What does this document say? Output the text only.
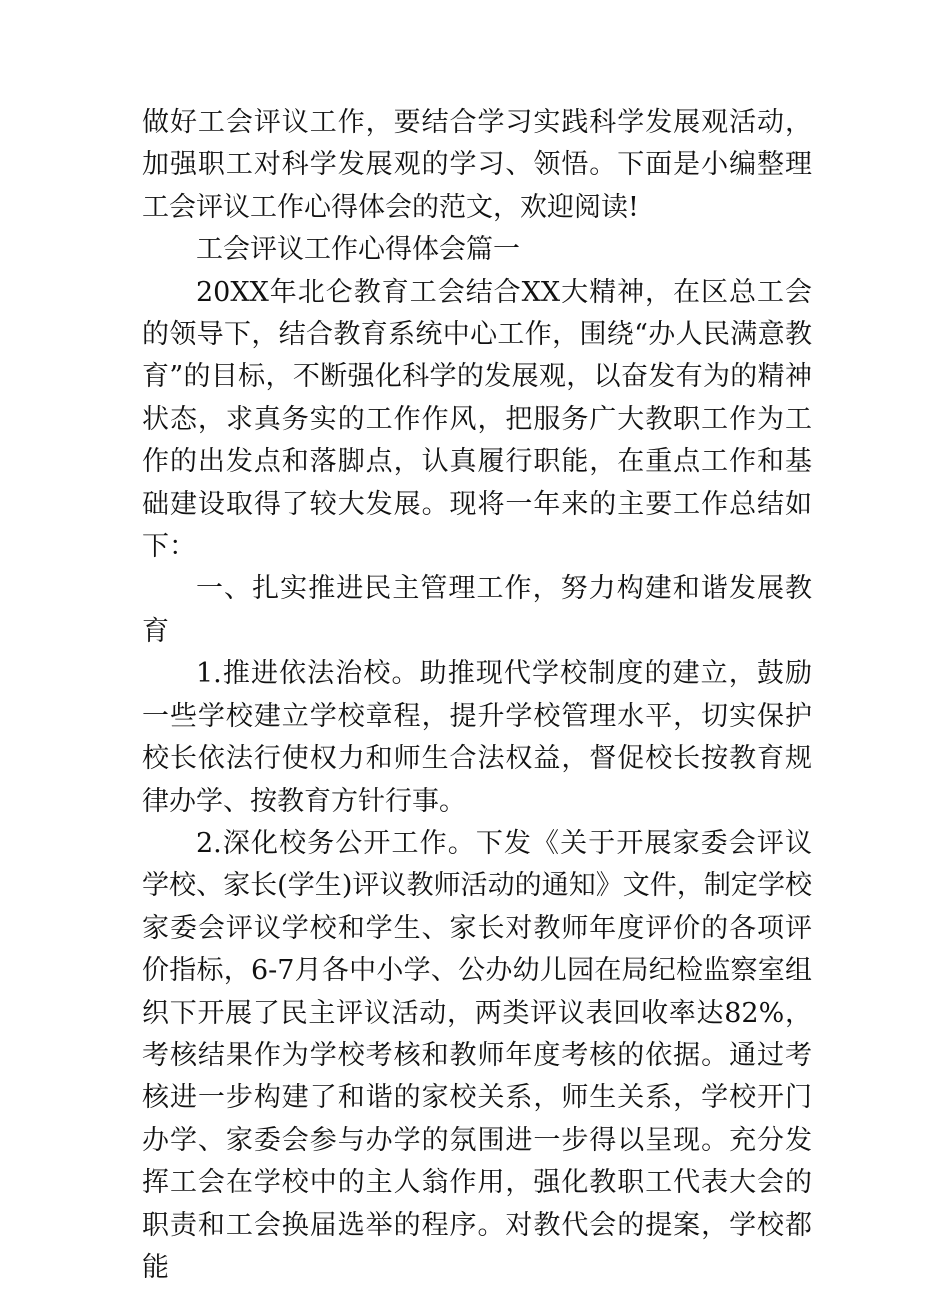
做好工会评议工作，要结合学习实践科学发展观活动，加强职工对科学发展观的学习、领悟。下面是小编整理工会评议工作心得体会的范文，欢迎阅读!

工会评议工作心得体会篇一

20XX年北仑教育工会结合XX大精神，在区总工会的领导下，结合教育系统中心工作，围绕“办人民满意教育”的目标，不断强化科学的发展观，以奋发有为的精神状态，求真务实的工作作风，把服务广大教职工作为工作的出发点和落脚点，认真履行职能，在重点工作和基础建设取得了较大发展。现将一年来的主要工作总结如下：

一、扎实推进民主管理工作，努力构建和谐发展教育

1.推进依法治校。助推现代学校制度的建立，鼓励一些学校建立学校章程，提升学校管理水平，切实保护校长依法行使权力和师生合法权益，督促校长按教育规律办学、按教育方针行事。

2.深化校务公开工作。下发《关于开展家委会评议学校、家长(学生)评议教师活动的通知》文件，制定学校家委会评议学校和学生、家长对教师年度评价的各项评价指标，6-7月各中小学、公办幼儿园在局纪检监察室组织下开展了民主评议活动，两类评议表回收率达82%，考核结果作为学校考核和教师年度考核的依据。通过考核进一步构建了和谐的家校关系，师生关系，学校开门办学、家委会参与办学的氛围进一步得以呈现。充分发挥工会在学校中的主人翁作用，强化教职工代表大会的职责和工会换届选举的程序。对教代会的提案，学校都能
